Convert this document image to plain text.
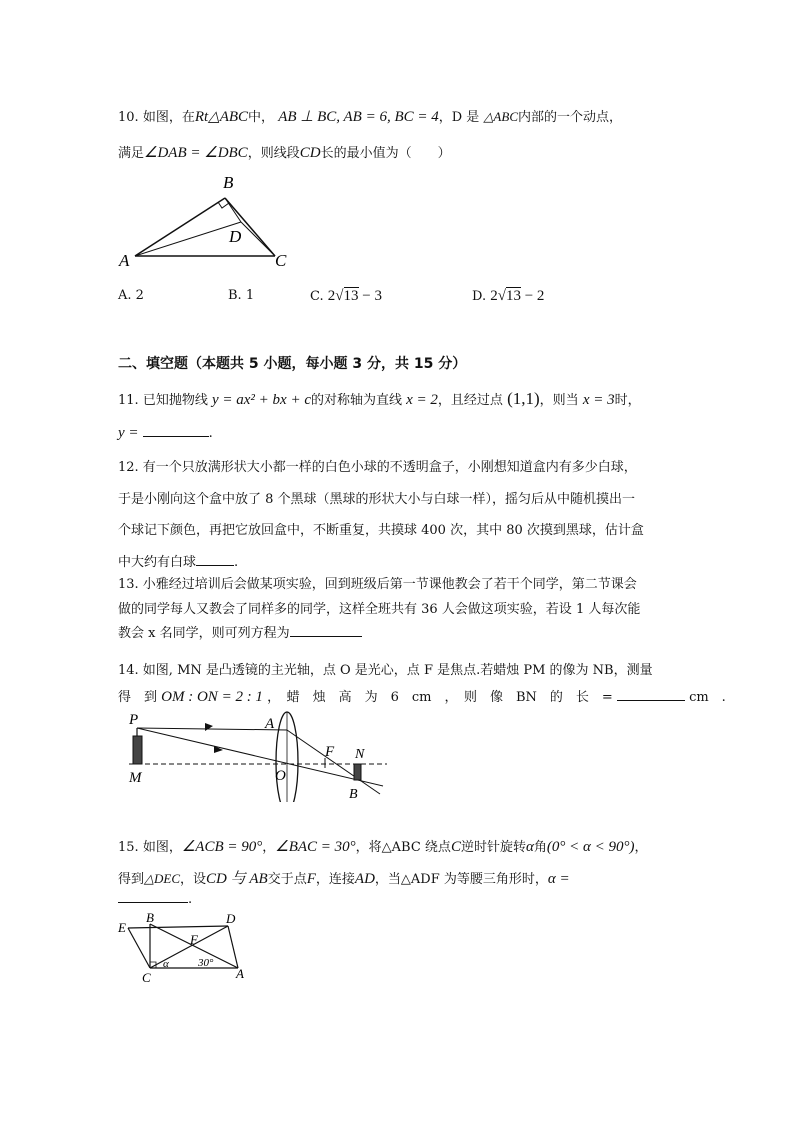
10. 如图，在Rt△ABC中， AB ⊥ BC, AB = 6, BC = 4，D 是 △ABC内部的一个动点，
满足∠DAB = ∠DBC，则线段CD长的最小值为（　　）
B
D
A	C
A. 2	B. 1	C. 2√13 − 3	D. 2√13 − 2
二、填空题（本题共 5 小题，每小题 3 分，共 15 分）
11. 已知抛物线 y = ax² + bx + c的对称轴为直线 x = 2，且经过点 (1,1)，则当 x = 3时，
y =	.
12. 有一个只放满形状大小都一样的白色小球的不透明盒子，小刚想知道盒内有多少白球，
于是小刚向这个盒中放了 8 个黑球（黑球的形状大小与白球一样），摇匀后从中随机摸出一
个球记下颜色，再把它放回盒中，不断重复，共摸球 400 次，其中 80 次摸到黑球，估计盒
中大约有白球	.
13. 小雅经过培训后会做某项实验，回到班级后第一节课他教会了若干个同学，第二节课会
做的同学每人又教会了同样多的同学，这样全班共有 36 人会做这项实验，若设 1 人每次能
教会 x 名同学，则可列方程为
14. 如图, MN 是凸透镜的主光轴，点 O 是光心，点 F 是焦点.若蜡烛 PM 的像为 NB，测量
得　到 OM : ON = 2 : 1 ，　蜡　烛　高　为　6　cm　，　则　像　BN　的　长　=	cm　.
P
M
A
O
F N
B
15. 如图，∠ACB = 90°，∠BAC = 30°，将△ABC 绕点C逆时针旋转α角(0° < α < 90°)，
得到△DEC，设CD 与 AB交于点F，连接AD，当△ADF 为等腰三角形时，α =
.
E
B	D
F
α	30°
C	A
